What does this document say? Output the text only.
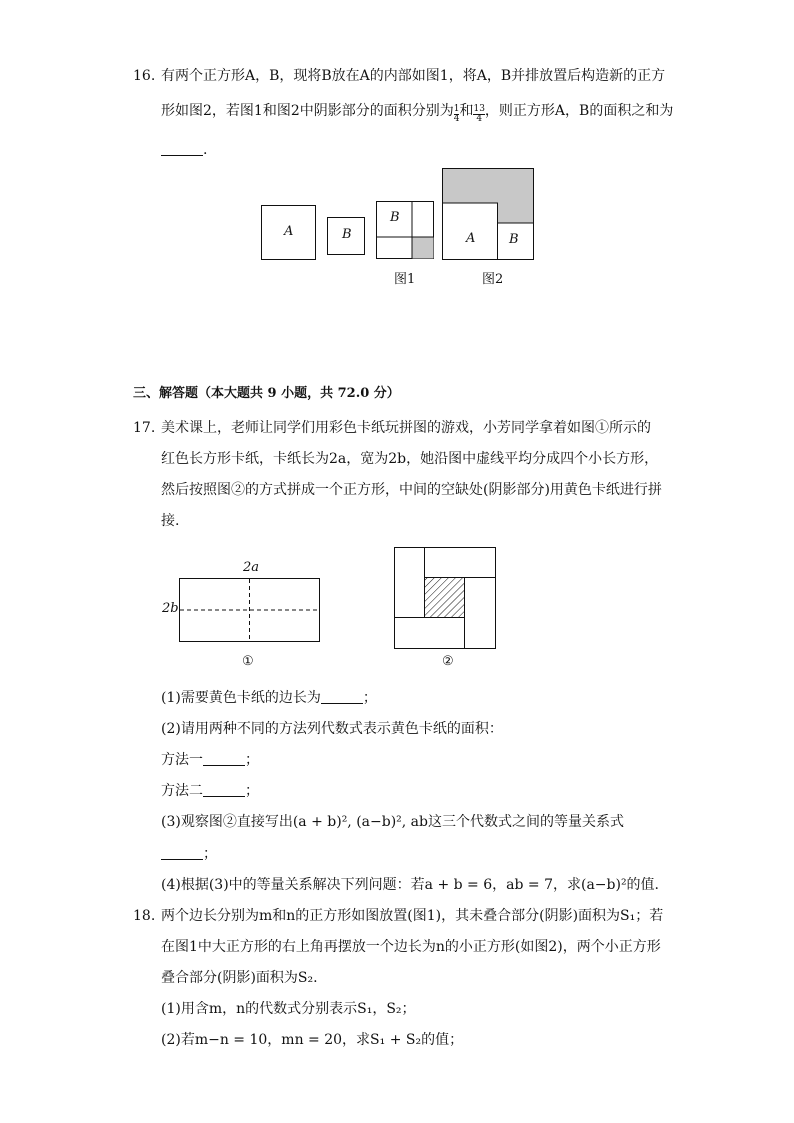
16. 有两个正方形A，B，现将B放在A的内部如图1，将A，B并排放置后构造新的正方
形如图2，若图1和图2中阴影部分的面积分别为 $\frac{1}{4}$ 和 $\frac{13}{4}$ ，则正方形A，B的面积之和为
.
A	B
B
图1
A	B
图2
三、解答题（本大题共 9 小题，共 72.0 分）
17. 美术课上，老师让同学们用彩色卡纸玩拼图的游戏，小芳同学拿着如图①所示的
红色长方形卡纸，卡纸长为2a，宽为2b，她沿图中虚线平均分成四个小长方形，
然后按照图②的方式拼成一个正方形，中间的空缺处(阴影部分)用黄色卡纸进行拼
接.
2a
2b
①	②
(1)需要黄色卡纸的边长为	；
(2)请用两种不同的方法列代数式表示黄色卡纸的面积：
方法一	；
方法二	；
(3)观察图②直接写出(a + b)², (a−b)², ab这三个代数式之间的等量关系式
；
(4)根据(3)中的等量关系解决下列问题：若a + b = 6，ab = 7，求(a−b)²的值.
18. 两个边长分别为m和n的正方形如图放置(图1)，其未叠合部分(阴影)面积为S₁；若
在图1中大正方形的右上角再摆放一个边长为n的小正方形(如图2)，两个小正方形
叠合部分(阴影)面积为S₂.
(1)用含m，n的代数式分别表示S₁，S₂；
(2)若m−n = 10，mn = 20，求S₁ + S₂的值；
